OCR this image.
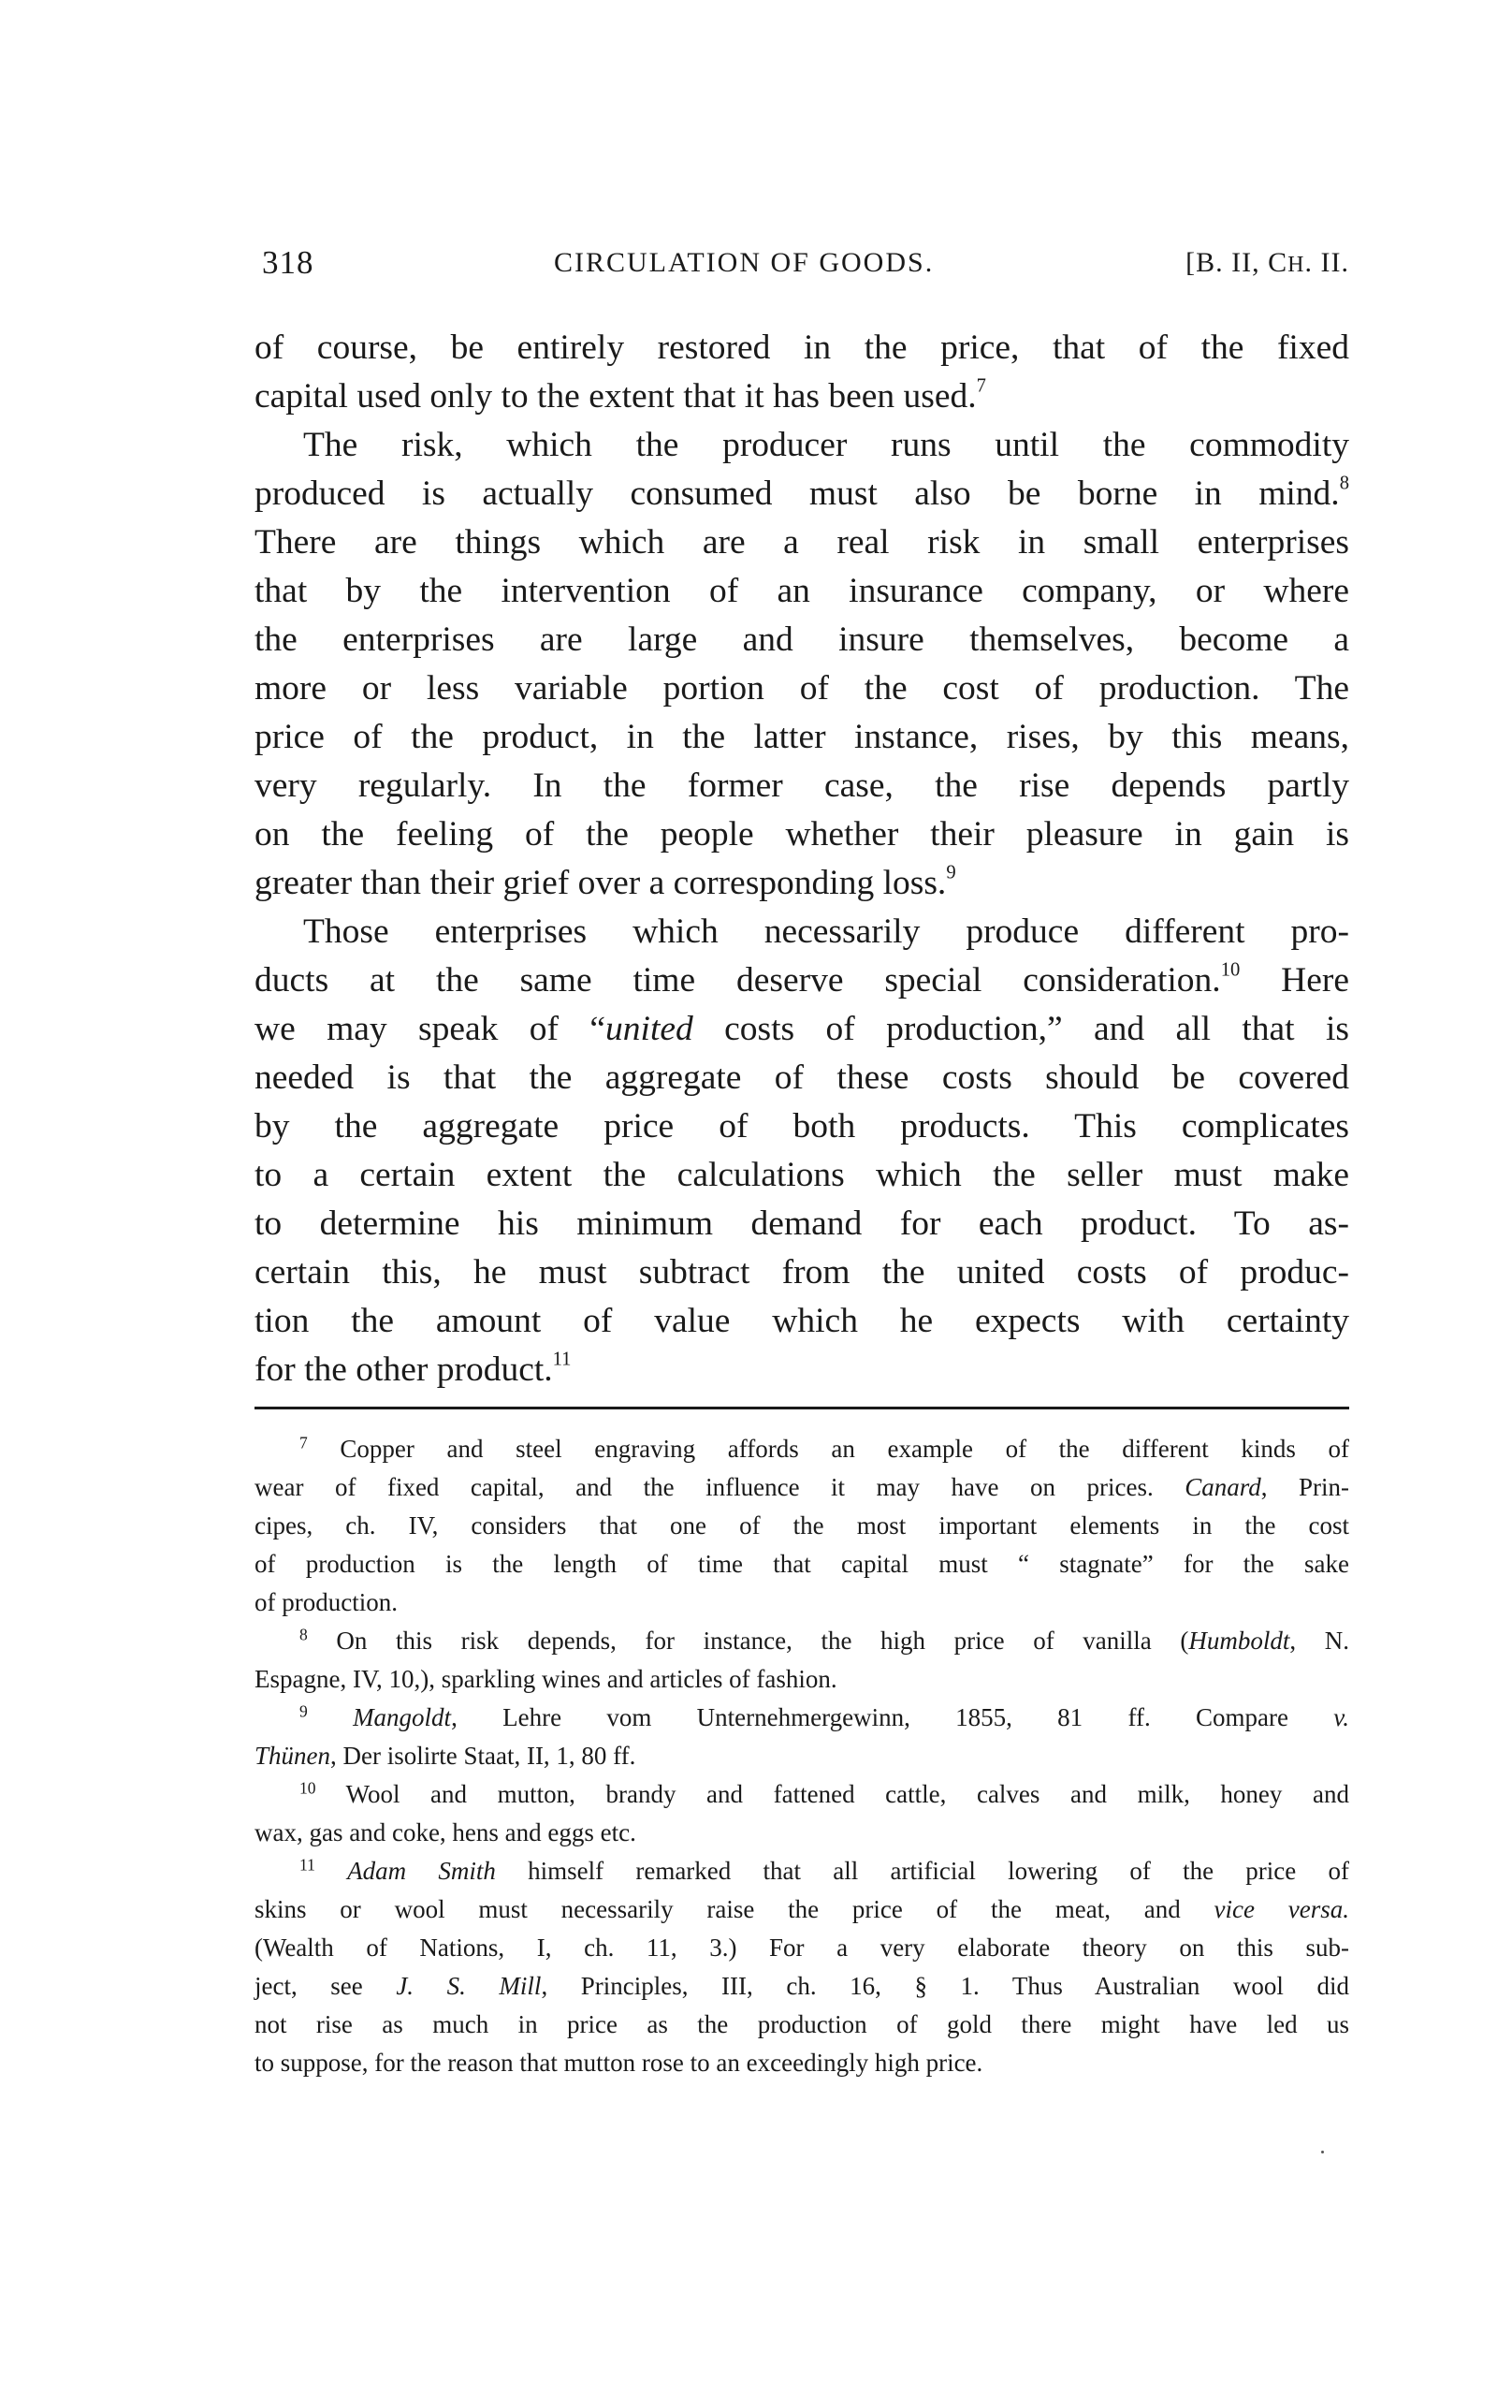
318	CIRCULATION OF GOODS.	[B. II, CH. II.
of course, be entirely restored in the price, that of the fixed
capital used only to the extent that it has been used.$^7$
The risk, which the producer runs until the commodity
produced is actually consumed must also be borne in mind.$^8$
There are things which are a real risk in small enterprises
that by the intervention of an insurance company, or where
the enterprises are large and insure themselves, become a
more or less variable portion of the cost of production. The
price of the product, in the latter instance, rises, by this means,
very regularly. In the former case, the rise depends partly
on the feeling of the people whether their pleasure in gain is
greater than their grief over a corresponding loss.$^9$
Those enterprises which necessarily produce different pro-
ducts at the same time deserve special consideration.$^{10}$ Here
we may speak of “united costs of production,” and all that is
needed is that the aggregate of these costs should be covered
by the aggregate price of both products. This complicates
to a certain extent the calculations which the seller must make
to determine his minimum demand for each product. To as-
certain this, he must subtract from the united costs of produc-
tion the amount of value which he expects with certainty
for the other product.$^{11}$
$^7$ Copper and steel engraving affords an example of the different kinds of
wear of fixed capital, and the influence it may have on prices. Canard, Prin-
cipes, ch. IV, considers that one of the most important elements in the cost
of production is the length of time that capital must “ stagnate” for the sake
of production.
$^8$ On this risk depends, for instance, the high price of vanilla (Humboldt, N.
Espagne, IV, 10,), sparkling wines and articles of fashion.
$^9$ Mangoldt, Lehre vom Unternehmergewinn, 1855, 81 ff. Compare v.
Thünen, Der isolirte Staat, II, 1, 80 ff.
$^{10}$ Wool and mutton, brandy and fattened cattle, calves and milk, honey and
wax, gas and coke, hens and eggs etc.
$^{11}$ Adam Smith himself remarked that all artificial lowering of the price of
skins or wool must necessarily raise the price of the meat, and vice versa.
(Wealth of Nations, I, ch. 11, 3.) For a very elaborate theory on this sub-
ject, see J. S. Mill, Principles, III, ch. 16, § 1. Thus Australian wool did
not rise as much in price as the production of gold there might have led us
to suppose, for the reason that mutton rose to an exceedingly high price.
